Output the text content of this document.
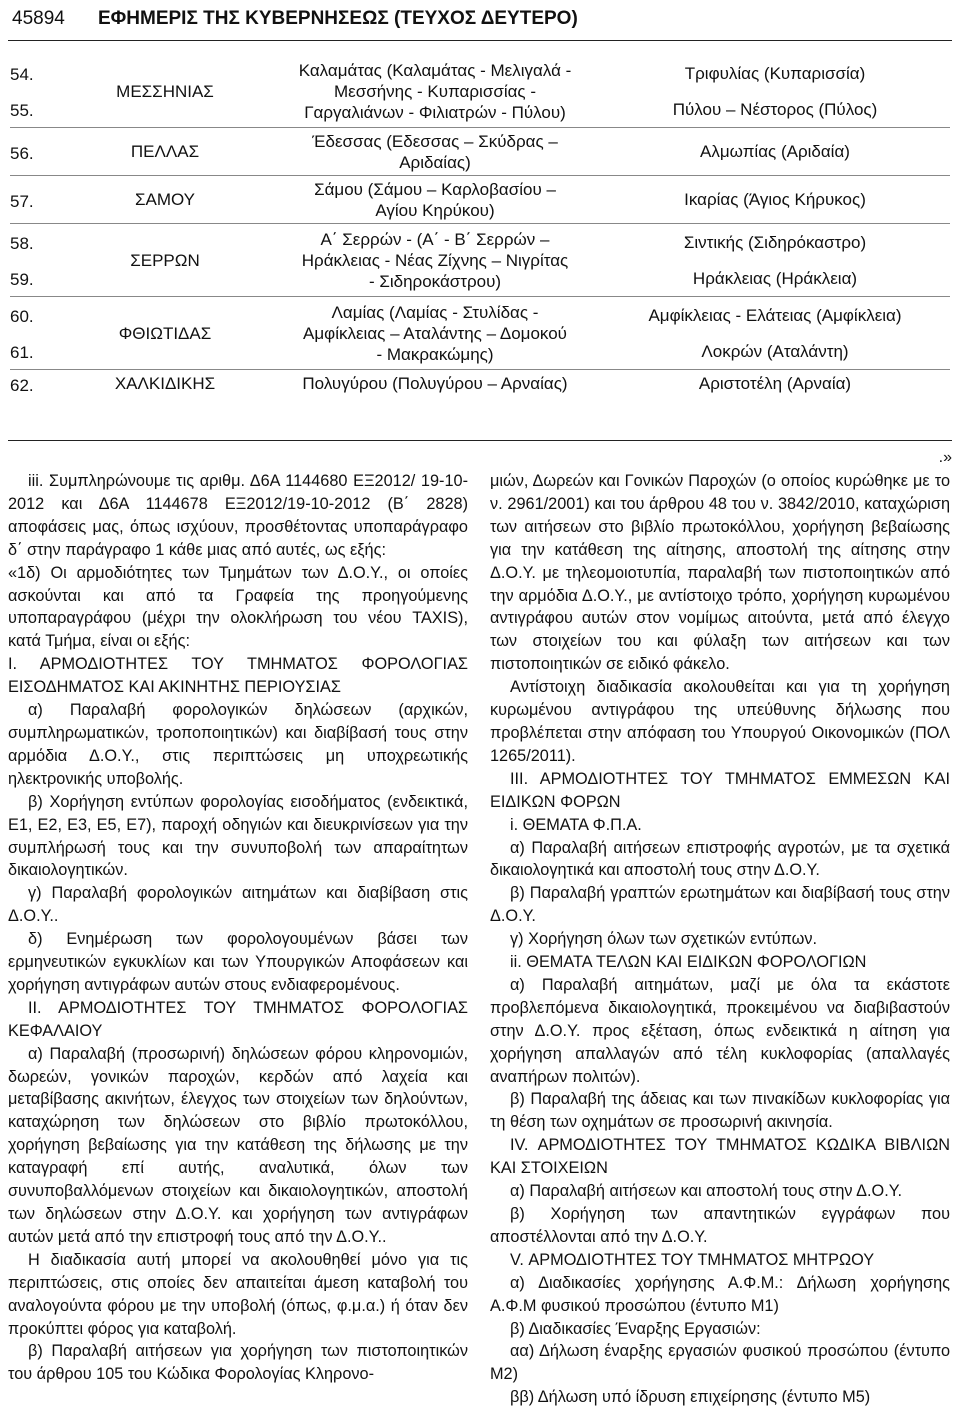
45894 ΕΦΗΜΕΡΙΣ ΤΗΣ ΚΥΒΕΡΝΗΣΕΩΣ (ΤΕΥΧΟΣ ΔΕΥΤΕΡΟ)
54.	ΜΕΣΣΗΝΙΑΣ	Καλαμάτας (Καλαμάτας - Μελιγαλά -
Μεσσήνης - Κυπαρισσίας -
Γαργαλιάνων - Φιλιατρών - Πύλου)	Τριφυλίας (Κυπαρισσία)
55.			Πύλου – Νέστορος (Πύλος)
56.	ΠΕΛΛΑΣ	Έδεσσας (Εδεσσας – Σκύδρας –
Αριδαίας)	Αλμωπίας (Αριδαία)
57.	ΣΑΜΟΥ	Σάμου (Σάμου – Καρλοβασίου –
Αγίου Κηρύκου)	Ικαρίας (Άγιος Κήρυκος)
58.	ΣΕΡΡΩΝ	Α΄ Σερρών - (Α΄ - Β΄ Σερρών –
Ηράκλειας - Νέας Ζίχνης – Νιγρίτας
- Σιδηροκάστρου)	Σιντικής (Σιδηρόκαστρο)
59.			Ηράκλειας (Ηράκλεια)
60.	ΦΘΙΩΤΙΔΑΣ	Λαμίας (Λαμίας - Στυλίδας -
Αμφίκλειας – Αταλάντης – Δομοκού
- Μακρακώμης)	Αμφίκλειας - Ελάτειας (Αμφίκλεια)
61.			Λοκρών (Αταλάντη)
62.	ΧΑΛΚΙΔΙΚΗΣ	Πολυγύρου (Πολυγύρου – Αρναίας)	Αριστοτέλη (Αρναία)
.»

iii. Συμπληρώνουμε τις αριθμ. Δ6Α 1144680 ΕΞ2012/ 19-10-2012 και Δ6Α 1144678 ΕΞ2012/19-10-2012 (Β΄ 2828) αποφάσεις μας, όπως ισχύουν, προσθέτοντας υποπαράγραφο δ΄ στην παράγραφο 1 κάθε μιας από αυτές, ως εξής:

«1δ) Οι αρμοδιότητες των Τμημάτων των Δ.Ο.Υ., οι οποίες ασκούνται και από τα Γραφεία της προηγούμενης υποπαραγράφου (μέχρι την ολοκλήρωση του νέου TAXIS), κατά Τμήμα, είναι οι εξής:

Ι. ΑΡΜΟΔΙΟΤΗΤΕΣ ΤΟΥ ΤΜΗΜΑΤΟΣ ΦΟΡΟΛΟΓΙΑΣ ΕΙΣΟΔΗΜΑΤΟΣ ΚΑΙ ΑΚΙΝΗΤΗΣ ΠΕΡΙΟΥΣΙΑΣ

α) Παραλαβή φορολογικών δηλώσεων (αρχικών, συμπληρωματικών, τροποποιητικών) και διαβίβασή τους στην αρμόδια Δ.Ο.Υ., στις περιπτώσεις μη υποχρεωτικής ηλεκτρονικής υποβολής.

β) Χορήγηση εντύπων φορολογίας εισοδήματος (ενδεικτικά, Ε1, Ε2, Ε3, Ε5, Ε7), παροχή οδηγιών και διευκρινίσεων για την συμπλήρωσή τους και την συνυποβολή των απαραίτητων δικαιολογητικών.

γ) Παραλαβή φορολογικών αιτημάτων και διαβίβαση στις Δ.Ο.Υ..

δ) Ενημέρωση των φορολογουμένων βάσει των ερμηνευτικών εγκυκλίων και των Υπουργικών Αποφάσεων και χορήγηση αντιγράφων αυτών στους ενδιαφερομένους.

ΙΙ. ΑΡΜΟΔΙΟΤΗΤΕΣ ΤΟΥ ΤΜΗΜΑΤΟΣ ΦΟΡΟΛΟΓΙΑΣ ΚΕΦΑΛΑΙΟΥ

α) Παραλαβή (προσωρινή) δηλώσεων φόρου κληρονομιών, δωρεών, γονικών παροχών, κερδών από λαχεία και μεταβίβασης ακινήτων, έλεγχος των στοιχείων των δηλούντων, καταχώρηση των δηλώσεων στο βιβλίο πρωτοκόλλου, χορήγηση βεβαίωσης για την κατάθεση της δήλωσης με την καταγραφή επί αυτής, αναλυτικά, όλων των συνυποβαλλόμενων στοιχείων και δικαιολογητικών, αποστολή των δηλώσεων στην Δ.Ο.Υ. και χορήγηση των αντιγράφων αυτών μετά από την επιστροφή τους από την Δ.Ο.Υ..

Η διαδικασία αυτή μπορεί να ακολουθηθεί μόνο για τις περιπτώσεις, στις οποίες δεν απαιτείται άμεση καταβολή του αναλογούντα φόρου με την υποβολή (όπως, φ.μ.α.) ή όταν δεν προκύπτει φόρος για καταβολή.

β) Παραλαβή αιτήσεων για χορήγηση των πιστοποιητικών του άρθρου 105 του Κώδικα Φορολογίας Κληρονο-

μιών, Δωρεών και Γονικών Παροχών (ο οποίος κυρώθηκε με το ν. 2961/2001) και του άρθρου 48 του ν. 3842/2010, καταχώριση των αιτήσεων στο βιβλίο πρωτοκόλλου, χορήγηση βεβαίωσης για την κατάθεση της αίτησης, αποστολή της αίτησης στην Δ.Ο.Υ. με τηλεομοιοτυπία, παραλαβή των πιστοποιητικών από την αρμόδια Δ.Ο.Υ., με αντίστοιχο τρόπο, χορήγηση κυρωμένου αντιγράφου αυτών στον νομίμως αιτούντα, μετά από έλεγχο των στοιχείων του και φύλαξη των αιτήσεων και των πιστοποιητικών σε ειδικό φάκελο.

Αντίστοιχη διαδικασία ακολουθείται και για τη χορήγηση κυρωμένου αντιγράφου της υπεύθυνης δήλωσης που προβλέπεται στην απόφαση του Υπουργού Οικονομικών (ΠΟΛ 1265/2011).

ΙΙΙ. ΑΡΜΟΔΙΟΤΗΤΕΣ ΤΟΥ ΤΜΗΜΑΤΟΣ ΕΜΜΕΣΩΝ ΚΑΙ ΕΙΔΙΚΩΝ ΦΟΡΩΝ

i. ΘΕΜΑΤΑ Φ.Π.Α.

α) Παραλαβή αιτήσεων επιστροφής αγροτών, με τα σχετικά δικαιολογητικά και αποστολή τους στην Δ.Ο.Υ.

β) Παραλαβή γραπτών ερωτημάτων και διαβίβασή τους στην Δ.Ο.Υ.

γ) Χορήγηση όλων των σχετικών εντύπων.

ii. ΘΕΜΑΤΑ ΤΕΛΩΝ ΚΑΙ ΕΙΔΙΚΩΝ ΦΟΡΟΛΟΓΙΩΝ

α) Παραλαβή αιτημάτων, μαζί με όλα τα εκάστοτε προβλεπόμενα δικαιολογητικά, προκειμένου να διαβιβαστούν στην Δ.Ο.Υ. προς εξέταση, όπως ενδεικτικά η αίτηση για χορήγηση απαλλαγών από τέλη κυκλοφορίας (απαλλαγές αναπήρων πολιτών).

β) Παραλαβή της άδειας και των πινακίδων κυκλοφορίας για τη θέση των οχημάτων σε προσωρινή ακινησία.

IV. ΑΡΜΟΔΙΟΤΗΤΕΣ ΤΟΥ ΤΜΗΜΑΤΟΣ ΚΩΔΙΚΑ ΒΙΒΛΙΩΝ ΚΑΙ ΣΤΟΙΧΕΙΩΝ

α) Παραλαβή αιτήσεων και αποστολή τους στην Δ.Ο.Υ.

β) Χορήγηση των απαντητικών εγγράφων που αποστέλλονται από την Δ.Ο.Υ.

V. ΑΡΜΟΔΙΟΤΗΤΕΣ ΤΟΥ ΤΜΗΜΑΤΟΣ ΜΗΤΡΩΟΥ

α) Διαδικασίες χορήγησης Α.Φ.Μ.: Δήλωση χορήγησης Α.Φ.Μ φυσικού προσώπου (έντυπο Μ1)

β) Διαδικασίες Έναρξης Εργασιών:

αα) Δήλωση έναρξης εργασιών φυσικού προσώπου (έντυπο Μ2)

ββ) Δήλωση υπό ίδρυση επιχείρησης (έντυπο Μ5)
